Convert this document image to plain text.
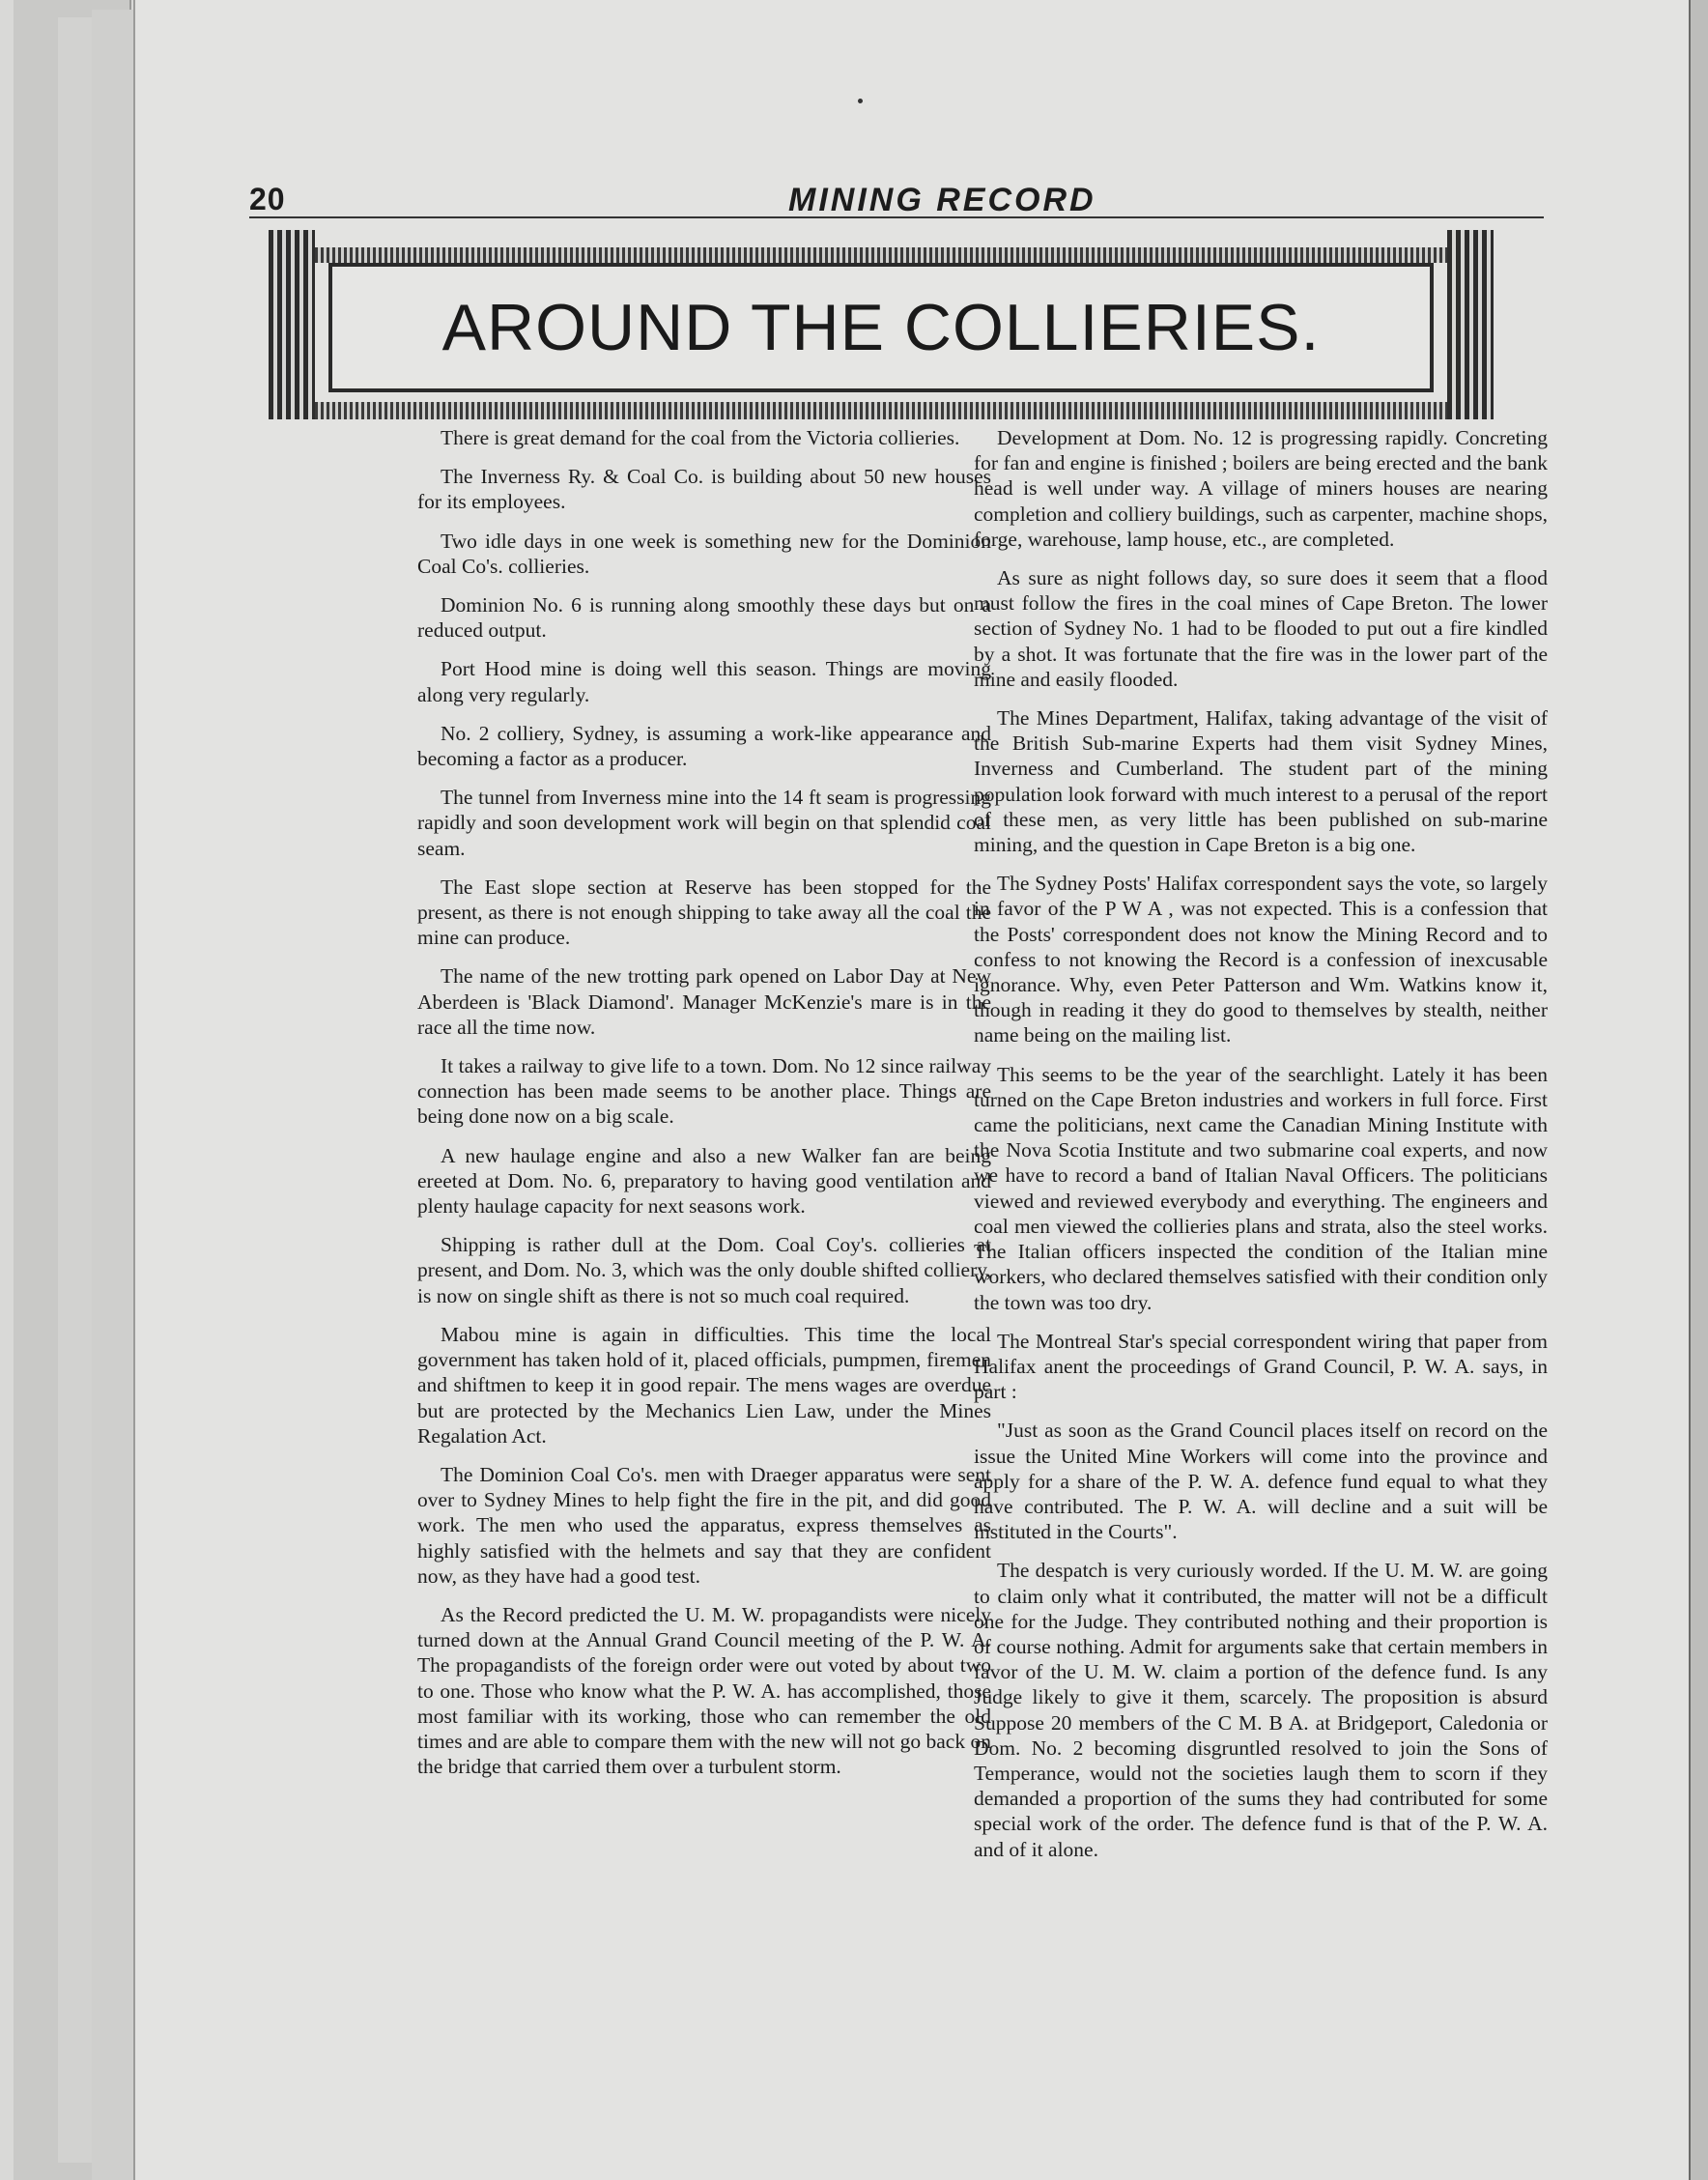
20	MINING RECORD
AROUND THE COLLIERIES.

There is great demand for the coal from the Victoria collieries.

The Inverness Ry. & Coal Co. is building about 50 new houses for its employees.

Two idle days in one week is something new for the Dominion Coal Co's. collieries.

Dominion No. 6 is running along smoothly these days but on a reduced output.

Port Hood mine is doing well this season. Things are moving along very regularly.

No. 2 colliery, Sydney, is assuming a work-like appearance and becoming a factor as a producer.

The tunnel from Inverness mine into the 14 ft seam is progressing rapidly and soon development work will begin on that splendid coal seam.

The East slope section at Reserve has been stopped for the present, as there is not enough shipping to take away all the coal the mine can produce.

The name of the new trotting park opened on Labor Day at New Aberdeen is 'Black Diamond'. Manager McKenzie's mare is in the race all the time now.

It takes a railway to give life to a town. Dom. No 12 since railway connection has been made seems to be another place. Things are being done now on a big scale.

A new haulage engine and also a new Walker fan are being ereeted at Dom. No. 6, preparatory to having good ventilation and plenty haulage capacity for next seasons work.

Shipping is rather dull at the Dom. Coal Coy's. collieries at present, and Dom. No. 3, which was the only double shifted colliery, is now on single shift as there is not so much coal required.

Mabou mine is again in difficulties. This time the local government has taken hold of it, placed officials, pumpmen, firemen and shiftmen to keep it in good repair. The mens wages are overdue but are protected by the Mechanics Lien Law, under the Mines Regalation Act.

The Dominion Coal Co's. men with Draeger apparatus were sent over to Sydney Mines to help fight the fire in the pit, and did good work. The men who used the apparatus, express themselves as highly satisfied with the helmets and say that they are confident now, as they have had a good test.

As the Record predicted the U. M. W. propagandists were nicely turned down at the Annual Grand Council meeting of the P. W. A. The propagandists of the foreign order were out voted by about two to one. Those who know what the P. W. A. has accomplished, those most familiar with its working, those who can remember the old times and are able to compare them with the new will not go back on the bridge that carried them over a turbulent storm.

Development at Dom. No. 12 is progressing rapidly. Concreting for fan and engine is finished ; boilers are being erected and the bank head is well under way. A village of miners houses are nearing completion and colliery buildings, such as carpenter, machine shops, forge, warehouse, lamp house, etc., are completed.

As sure as night follows day, so sure does it seem that a flood must follow the fires in the coal mines of Cape Breton. The lower section of Sydney No. 1 had to be flooded to put out a fire kindled by a shot. It was fortunate that the fire was in the lower part of the mine and easily flooded.

The Mines Department, Halifax, taking advantage of the visit of the British Sub-marine Experts had them visit Sydney Mines, Inverness and Cumberland. The student part of the mining population look forward with much interest to a perusal of the report of these men, as very little has been published on sub-marine mining, and the question in Cape Breton is a big one.

The Sydney Posts' Halifax correspondent says the vote, so largely in favor of the P W A , was not expected. This is a confession that the Posts' correspondent does not know the Mining Record and to confess to not knowing the Record is a confession of inexcusable ignorance. Why, even Peter Patterson and Wm. Watkins know it, though in reading it they do good to themselves by stealth, neither name being on the mailing list.

This seems to be the year of the searchlight. Lately it has been turned on the Cape Breton industries and workers in full force. First came the politicians, next came the Canadian Mining Institute with the Nova Scotia Institute and two submarine coal experts, and now we have to record a band of Italian Naval Officers. The politicians viewed and reviewed everybody and everything. The engineers and coal men viewed the collieries plans and strata, also the steel works. The Italian officers inspected the condition of the Italian mine workers, who declared themselves satisfied with their condition only the town was too dry.

The Montreal Star's special correspondent wiring that paper from Halifax anent the proceedings of Grand Council, P. W. A. says, in part :

"Just as soon as the Grand Council places itself on record on the issue the United Mine Workers will come into the province and apply for a share of the P. W. A. defence fund equal to what they have contributed. The P. W. A. will decline and a suit will be instituted in the Courts".

The despatch is very curiously worded. If the U. M. W. are going to claim only what it contributed, the matter will not be a difficult one for the Judge. They contributed nothing and their proportion is of course nothing. Admit for arguments sake that certain members in favor of the U. M. W. claim a portion of the defence fund. Is any Judge likely to give it them, scarcely. The proposition is absurd Suppose 20 members of the C M. B A. at Bridgeport, Caledonia or Dom. No. 2 becoming disgruntled resolved to join the Sons of Temperance, would not the societies laugh them to scorn if they demanded a proportion of the sums they had contributed for some special work of the order. The defence fund is that of the P. W. A. and of it alone.
